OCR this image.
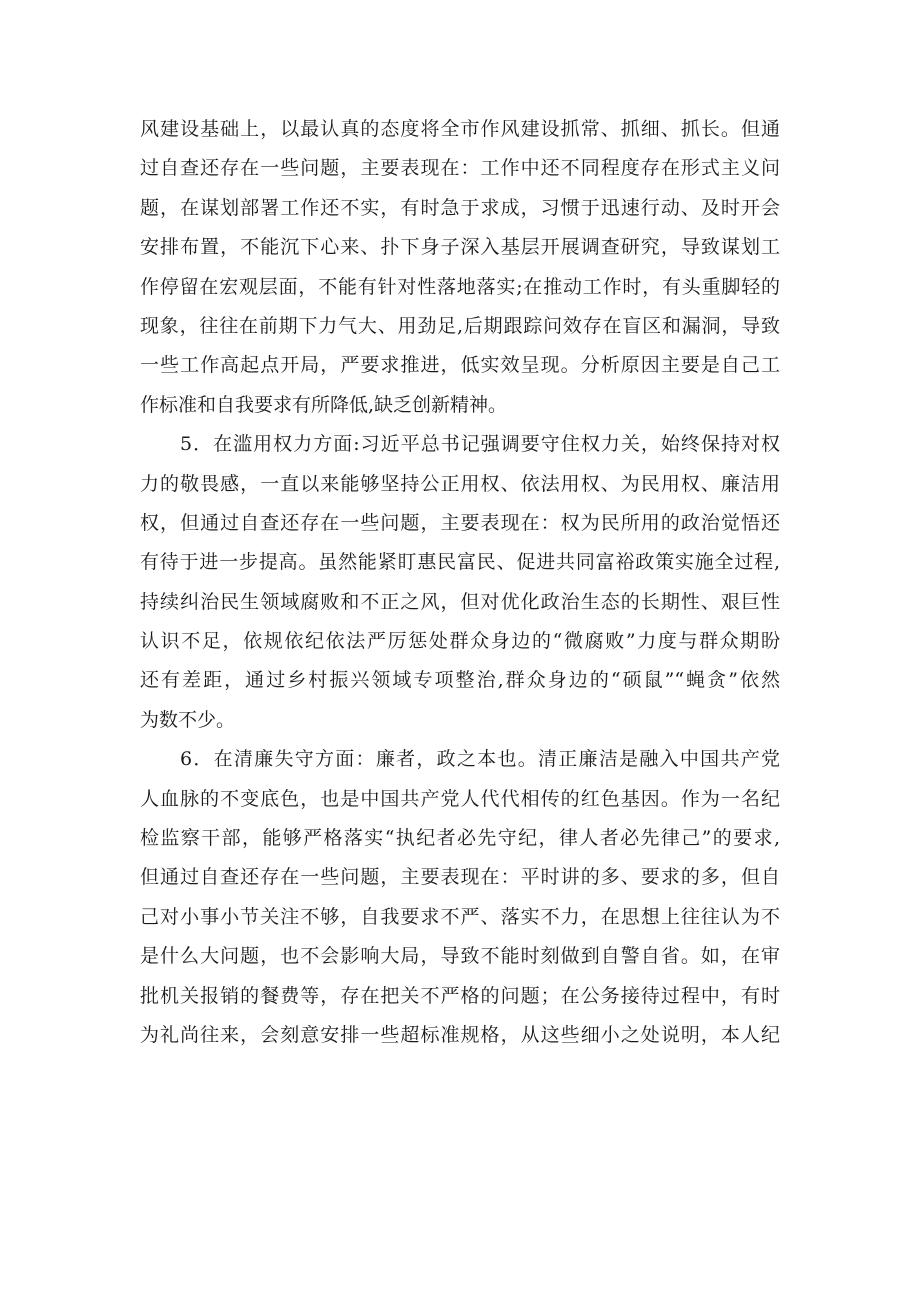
风建设基础上，以最认真的态度将全市作风建设抓常、抓细、抓长。但通
过自查还存在一些问题，主要表现在：工作中还不同程度存在形式主义问
题，在谋划部署工作还不实，有时急于求成，习惯于迅速行动、及时开会
安排布置，不能沉下心来、扑下身子深入基层开展调查研究，导致谋划工
作停留在宏观层面，不能有针对性落地落实;在推动工作时，有头重脚轻的
现象，往往在前期下力气大、用劲足,后期跟踪问效存在盲区和漏洞，导致
一些工作高起点开局，严要求推进，低实效呈现。分析原因主要是自己工
作标准和自我要求有所降低,缺乏创新精神。
5．在滥用权力方面:习近平总书记强调要守住权力关，始终保持对权
力的敬畏感，一直以来能够坚持公正用权、依法用权、为民用权、廉洁用
权，但通过自查还存在一些问题，主要表现在：权为民所用的政治觉悟还
有待于进一步提高。虽然能紧盯惠民富民、促进共同富裕政策实施全过程,
持续纠治民生领域腐败和不正之风，但对优化政治生态的长期性、艰巨性
认识不足，依规依纪依法严厉惩处群众身边的“微腐败”力度与群众期盼
还有差距，通过乡村振兴领域专项整治,群众身边的“硕鼠”“蝇贪”依然
为数不少。
6．在清廉失守方面：廉者，政之本也。清正廉洁是融入中国共产党
人血脉的不变底色，也是中国共产党人代代相传的红色基因。作为一名纪
检监察干部，能够严格落实“执纪者必先守纪，律人者必先律己”的要求,
但通过自查还存在一些问题，主要表现在：平时讲的多、要求的多，但自
己对小事小节关注不够，自我要求不严、落实不力，在思想上往往认为不
是什么大问题，也不会影响大局，导致不能时刻做到自警自省。如，在审
批机关报销的餐费等，存在把关不严格的问题；在公务接待过程中，有时
为礼尚往来，会刻意安排一些超标准规格，从这些细小之处说明，本人纪
